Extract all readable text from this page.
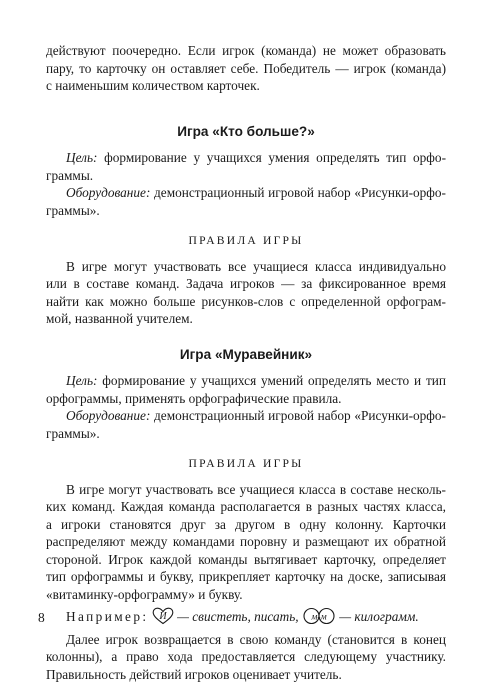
действуют поочередно. Если игрок (команда) не может образовать

пару, то карточку он оставляет себе. Победитель — игрок (команда)

с наименьшим количеством карточек.

Игра «Кто больше?»

Цель: формирование у учащихся умения определять тип орфо-

граммы.

Оборудование: демонстрационный игровой набор «Рисунки-орфо-

граммы».

ПРАВИЛА ИГРЫ

В игре могут участвовать все учащиеся класса индивидуально

или в составе команд. Задача игроков — за фиксированное время

найти как можно больше рисунков-слов с определенной орфограм-

мой, названной учителем.

Игра «Муравейник»

Цель: формирование у учащихся умений определять место и тип

орфограммы, применять орфографические правила.

Оборудование: демонстрационный игровой набор «Рисунки-орфо-

граммы».

ПРАВИЛА ИГРЫ

В игре могут участвовать все учащиеся класса в составе несколь-

ких команд. Каждая команда располагается в разных частях класса,

а игроки становятся друг за другом в одну колонну. Карточки

распределяют между командами поровну и размещают их обратной

стороной. Игрок каждой команды вытягивает карточку, определяет

тип орфограммы и букву, прикрепляет карточку на доске, записывая

«витаминку-орфограмму» и букву.

Например: И — свистеть, писать, м-м — килограмм.

Далее игрок возвращается в свою команду (становится в конец

колонны), а право хода предоставляется следующему участнику.

Правильность действий игроков оценивает учитель.

8
